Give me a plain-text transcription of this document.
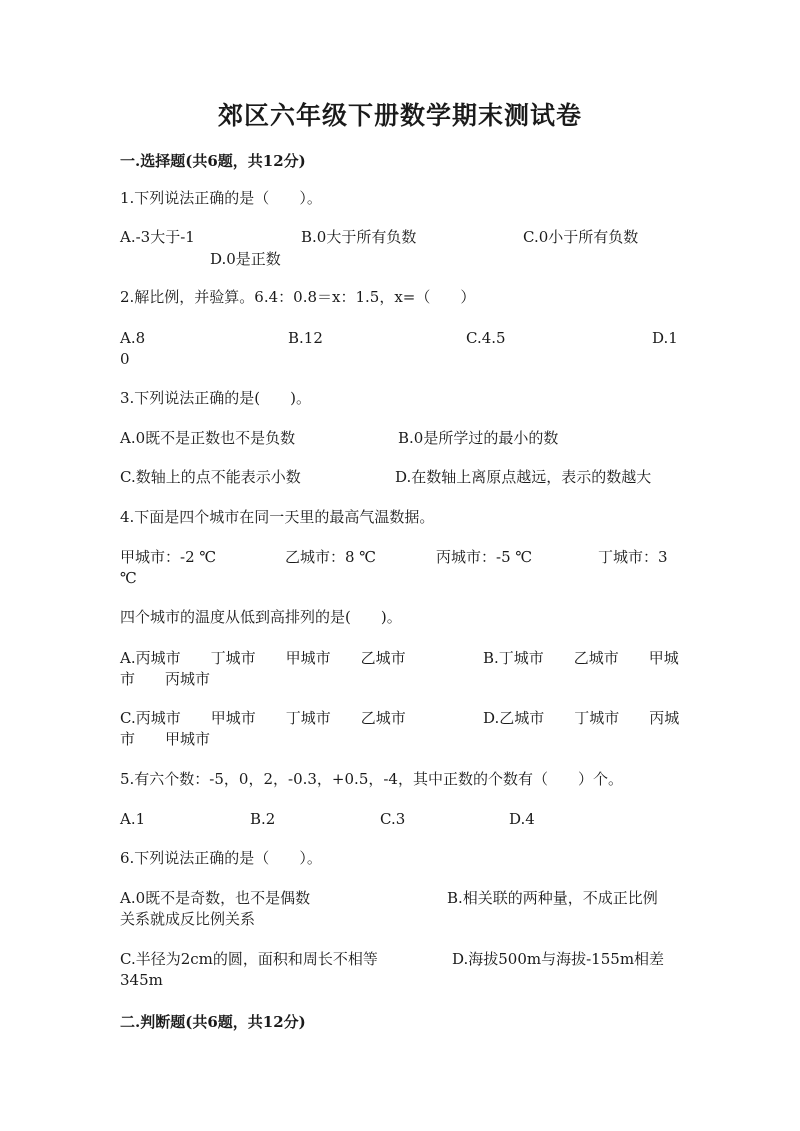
郊区六年级下册数学期末测试卷
一.选择题(共6题，共12分)
1.下列说法正确的是（　　）。
A.-3大于-1	B.0大于所有负数	C.0小于所有负数
D.0是正数
2.解比例，并验算。6.4：0.8＝x：1.5，x=（　　）
A.8	B.12	C.4.5	D.1
0
3.下列说法正确的是(　　)。
A.0既不是正数也不是负数	B.0是所学过的最小的数
C.数轴上的点不能表示小数	D.在数轴上离原点越远，表示的数越大
4.下面是四个城市在同一天里的最高气温数据。
甲城市：-2 ℃	乙城市：8 ℃	丙城市：-5 ℃	丁城市：3
℃
四个城市的温度从低到高排列的是(　　)。
A.丙城市　　丁城市　　甲城市　　乙城市	B.丁城市　　乙城市　　甲城
市　　丙城市
C.丙城市　　甲城市　　丁城市　　乙城市	D.乙城市　　丁城市　　丙城
市　　甲城市
5.有六个数：-5，0，2，-0.3，+0.5，-4，其中正数的个数有（　　）个。
A.1	B.2	C.3	D.4
6.下列说法正确的是（　　）。
A.0既不是奇数，也不是偶数	B.相关联的两种量，不成正比例
关系就成反比例关系
C.半径为2cm的圆，面积和周长不相等	D.海拔500m与海拔-155m相差
345m
二.判断题(共6题，共12分)
